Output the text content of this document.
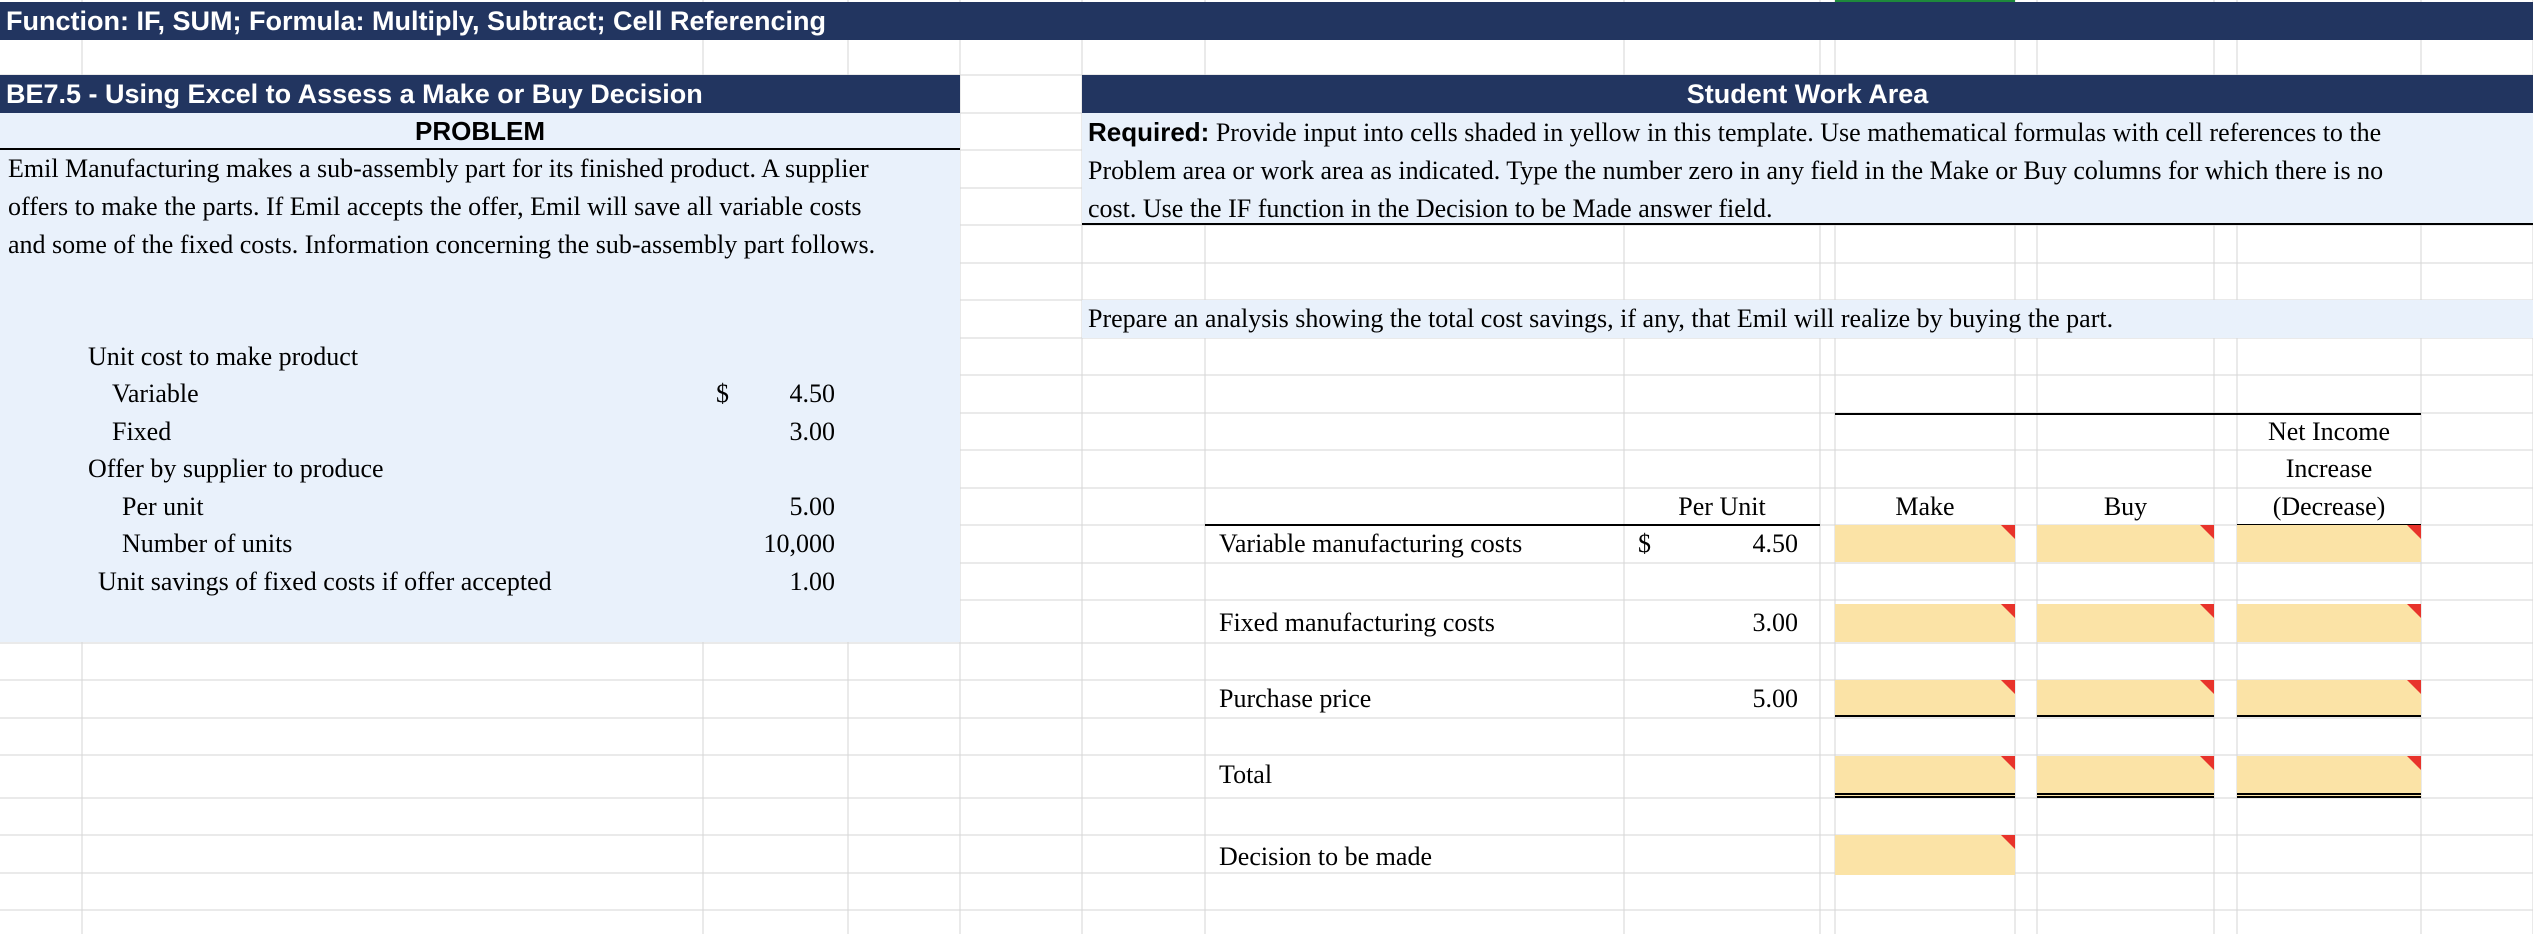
Function: IF, SUM; Formula: Multiply, Subtract; Cell Referencing
BE7.5 - Using Excel to Assess a Make or Buy Decision
PROBLEM
Emil Manufacturing makes a sub-assembly part for its finished product. A supplier
offers to make the parts. If Emil accepts the offer, Emil will save all variable costs
and some of the fixed costs. Information concerning the sub-assembly part follows.
Unit cost to make product
Variable	$	4.50
Fixed	3.00
Offer by supplier to produce
Per unit	5.00
Number of units	10,000
Unit savings of fixed costs if offer accepted	1.00
Student Work Area
Required: Provide input into cells shaded in yellow in this template. Use mathematical formulas with cell references to the
Problem area or work area as indicated. Type the number zero in any field in the Make or Buy columns for which there is no
cost. Use the IF function in the Decision to be Made answer field.
Prepare an analysis showing the total cost savings, if any, that Emil will realize by buying the part.
Per Unit	Make	Buy
Net Income
Increase
(Decrease)
Variable manufacturing costs	$	4.50
Fixed manufacturing costs	3.00
Purchase price	5.00
Total
Decision to be made
